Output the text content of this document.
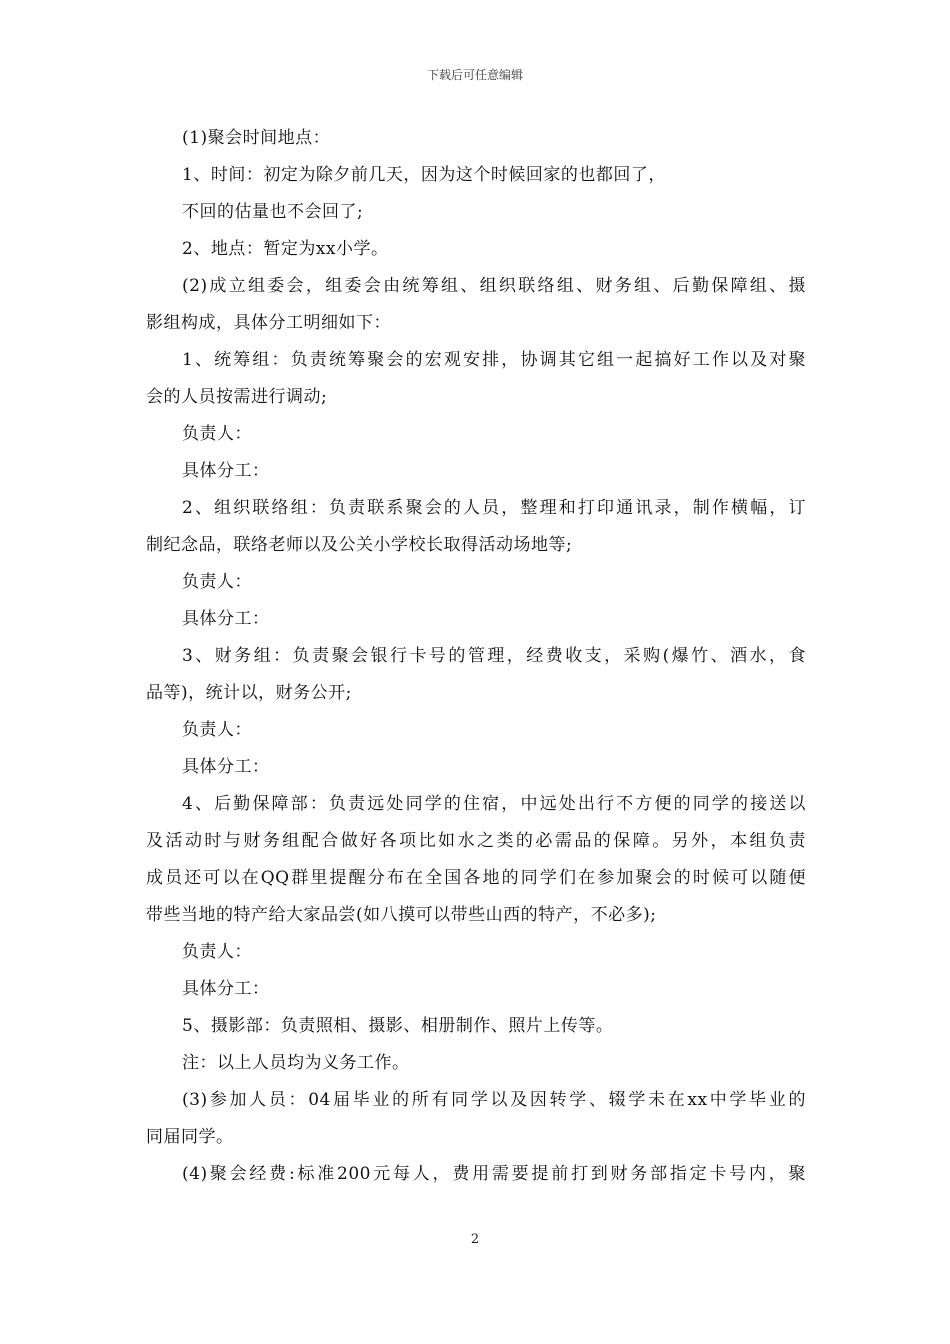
下载后可任意编辑

(1)聚会时间地点：

1、时间：初定为除夕前几天，因为这个时候回家的也都回了，

不回的估量也不会回了;

2、地点：暂定为xx小学。

(2)成立组委会，组委会由统筹组、组织联络组、财务组、后勤保障组、摄

影组构成，具体分工明细如下：

1、统筹组：负责统筹聚会的宏观安排，协调其它组一起搞好工作以及对聚

会的人员按需进行调动;

负责人：

具体分工：

2、组织联络组：负责联系聚会的人员，整理和打印通讯录，制作横幅，订

制纪念品，联络老师以及公关小学校长取得活动场地等;

负责人：

具体分工：

3、财务组：负责聚会银行卡号的管理，经费收支，采购(爆竹、酒水，食

品等)，统计以，财务公开;

负责人：

具体分工：

4、后勤保障部：负责远处同学的住宿，中远处出行不方便的同学的接送以

及活动时与财务组配合做好各项比如水之类的必需品的保障。另外，本组负责

成员还可以在QQ群里提醒分布在全国各地的同学们在参加聚会的时候可以随便

带些当地的特产给大家品尝(如八摸可以带些山西的特产，不必多);

负责人：

具体分工：

5、摄影部：负责照相、摄影、相册制作、照片上传等。

注：以上人员均为义务工作。

(3)参加人员：04届毕业的所有同学以及因转学、辍学未在xx中学毕业的

同届同学。

(4)聚会经费:标准200元每人，费用需要提前打到财务部指定卡号内，聚

2
